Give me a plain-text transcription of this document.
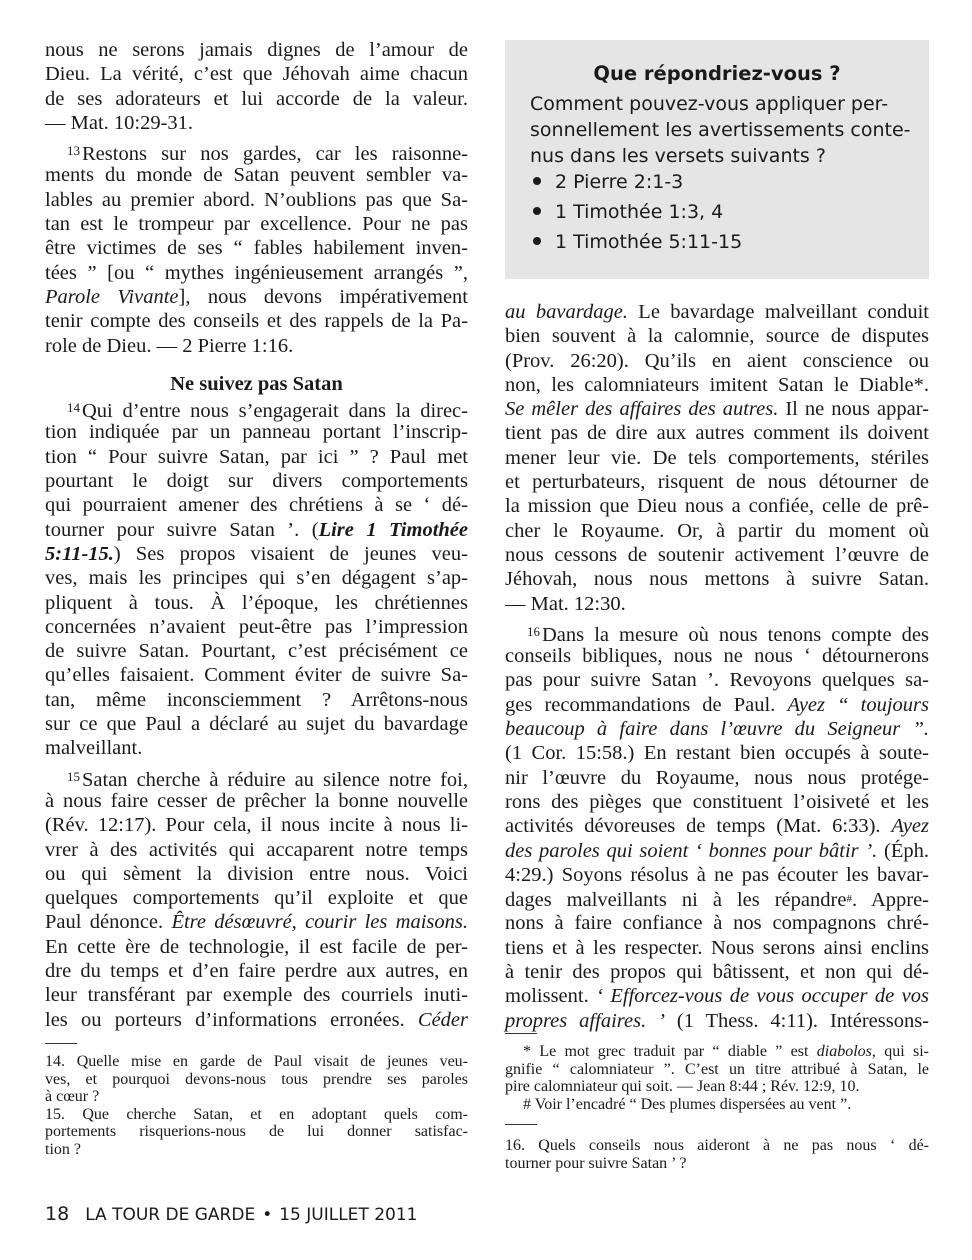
nous ne serons jamais dignes de l’amour de
Dieu. La vérité, c’est que Jéhovah aime chacun
de ses adorateurs et lui accorde de la valeur.
— Mat. 10:29-31.
$^{13}$Restons sur nos gardes, car les raisonne-
ments du monde de Satan peuvent sembler va-
lables au premier abord. N’oublions pas que Sa-
tan est le trompeur par excellence. Pour ne pas
être victimes de ses “ fables habilement inven-
tées ” [ou “ mythes ingénieusement arrangés ”,
Parole Vivante], nous devons impérativement
tenir compte des conseils et des rappels de la Pa-
role de Dieu. — 2 Pierre 1:16.
Ne suivez pas Satan
$^{14}$Qui d’entre nous s’engagerait dans la direc-
tion indiquée par un panneau portant l’inscrip-
tion “ Pour suivre Satan, par ici ” ? Paul met
pourtant le doigt sur divers comportements
qui pourraient amener des chrétiens à se ‘ dé-
tourner pour suivre Satan ’. (Lire 1 Timothée
5:11-15.) Ses propos visaient de jeunes veu-
ves, mais les principes qui s’en dégagent s’ap-
pliquent à tous. À l’époque, les chrétiennes
concernées n’avaient peut-être pas l’impression
de suivre Satan. Pourtant, c’est précisément ce
qu’elles faisaient. Comment éviter de suivre Sa-
tan, même inconsciemment ? Arrêtons-nous
sur ce que Paul a déclaré au sujet du bavardage
malveillant.
$^{15}$Satan cherche à réduire au silence notre foi,
à nous faire cesser de prêcher la bonne nouvelle
(Rév. 12:17). Pour cela, il nous incite à nous li-
vrer à des activités qui accaparent notre temps
ou qui sèment la division entre nous. Voici
quelques comportements qu’il exploite et que
Paul dénonce. Être désœuvré, courir les maisons.
En cette ère de technologie, il est facile de per-
dre du temps et d’en faire perdre aux autres, en
leur transférant par exemple des courriels inuti-
les ou porteurs d’informations erronées. Céder
14. Quelle mise en garde de Paul visait de jeunes veu-
ves, et pourquoi devons-nous tous prendre ses paroles
à cœur ?
15. Que cherche Satan, et en adoptant quels com-
portements risquerions-nous de lui donner satisfac-
tion ?
Que répondriez-vous ?
Comment pouvez-vous appliquer per-
sonnellement les avertissements conte-
nus dans les versets suivants ?
2 Pierre 2:1-3
1 Timothée 1:3, 4
1 Timothée 5:11-15
au bavardage. Le bavardage malveillant conduit
bien souvent à la calomnie, source de disputes
(Prov. 26:20). Qu’ils en aient conscience ou
non, les calomniateurs imitent Satan le Diable*.
Se mêler des affaires des autres. Il ne nous appar-
tient pas de dire aux autres comment ils doivent
mener leur vie. De tels comportements, stériles
et perturbateurs, risquent de nous détourner de
la mission que Dieu nous a confiée, celle de prê-
cher le Royaume. Or, à partir du moment où
nous cessons de soutenir activement l’œuvre de
Jéhovah, nous nous mettons à suivre Satan.
— Mat. 12:30.
$^{16}$Dans la mesure où nous tenons compte des
conseils bibliques, nous ne nous ‘ détournerons
pas pour suivre Satan ’. Revoyons quelques sa-
ges recommandations de Paul. Ayez “ toujours
beaucoup à faire dans l’œuvre du Seigneur ”.
(1 Cor. 15:58.) En restant bien occupés à soute-
nir l’œuvre du Royaume, nous nous protége-
rons des pièges que constituent l’oisiveté et les
activités dévoreuses de temps (Mat. 6:33). Ayez
des paroles qui soient ‘ bonnes pour bâtir ’. (Éph.
4:29.) Soyons résolus à ne pas écouter les bavar-
dages malveillants ni à les répandre#. Appre-
nons à faire confiance à nos compagnons chré-
tiens et à les respecter. Nous serons ainsi enclins
à tenir des propos qui bâtissent, et non qui dé-
molissent. ‘ Efforcez-vous de vous occuper de vos
propres affaires. ’ (1 Thess. 4:11). Intéressons-
* Le mot grec traduit par “ diable ” est diabolos, qui si-
gnifie “ calomniateur ”. C’est un titre attribué à Satan, le
pire calomniateur qui soit. — Jean 8:44 ; Rév. 12:9, 10.
# Voir l’encadré “ Des plumes dispersées au vent ”.
16. Quels conseils nous aideront à ne pas nous ‘ dé-
tourner pour suivre Satan ’ ?
18 LA TOUR DE GARDE • 15 JUILLET 2011
